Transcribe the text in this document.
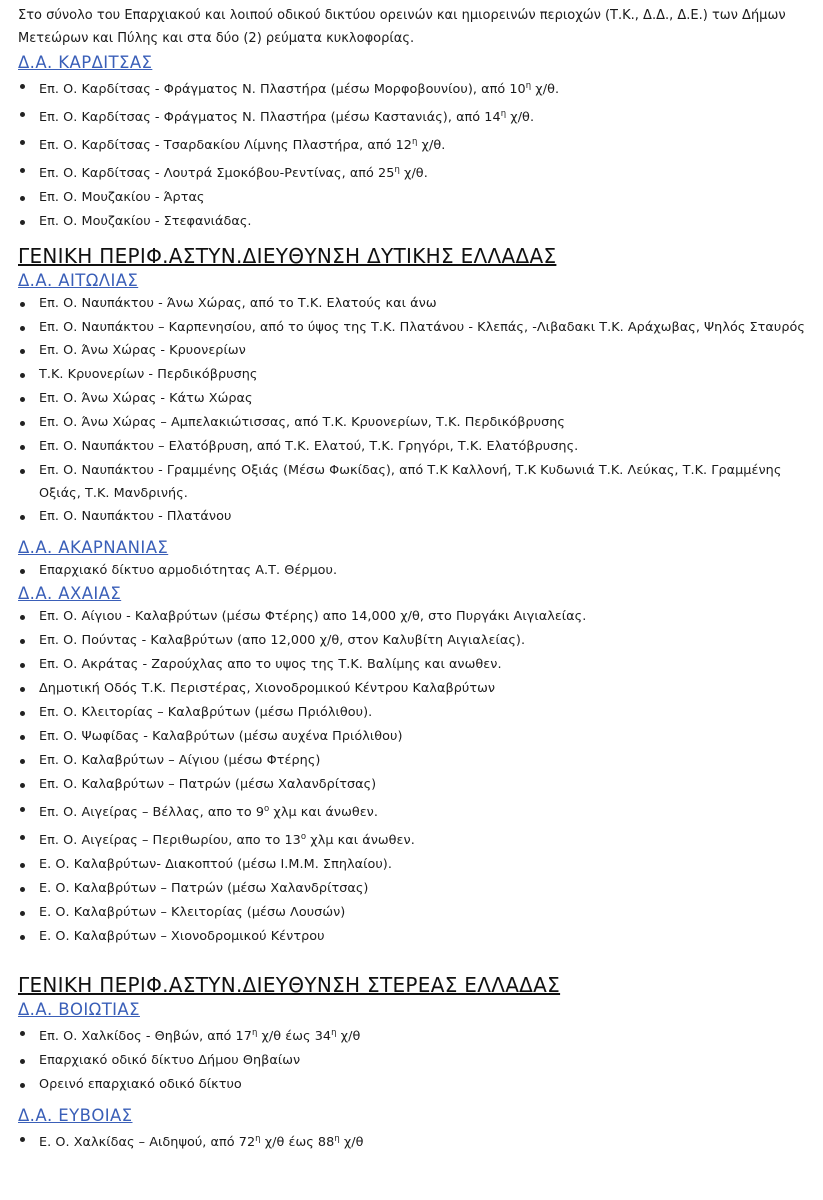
Στο σύνολο του Επαρχιακού και λοιπού οδικού δικτύου ορεινών και ημιορεινών περιοχών (Τ.Κ., Δ.Δ., Δ.Ε.) των Δήμων Μετεώρων και Πύλης και στα δύο (2) ρεύματα κυκλοφορίας.

Δ.Α. ΚΑΡΔΙΤΣΑΣ
Επ. Ο. Καρδίτσας - Φράγματος Ν. Πλαστήρα (μέσω Μορφοβουνίου), από $10^\eta$ χ/θ.
Επ. Ο. Καρδίτσας - Φράγματος Ν. Πλαστήρα (μέσω Καστανιάς), από $14^\eta$ χ/θ.
Επ. Ο. Καρδίτσας - Τσαρδακίου Λίμνης Πλαστήρα, από $12^\eta$ χ/θ.
Επ. Ο. Καρδίτσας - Λουτρά Σμοκόβου-Ρεντίνας, από $25^\eta$ χ/θ.
Επ. Ο. Μουζακίου - Άρτας
Επ. Ο. Μουζακίου - Στεφανιάδας.
ΓΕΝΙΚΗ ΠΕΡΙΦ.ΑΣΤΥΝ.ΔΙΕΥΘΥΝΣΗ ΔΥΤΙΚΗΣ ΕΛΛΑΔΑΣ
Δ.Α. ΑΙΤΩΛΙΑΣ
Επ. Ο. Ναυπάκτου - Άνω Χώρας, από το Τ.Κ. Ελατούς και άνω
Επ. Ο. Ναυπάκτου – Καρπενησίου, από το ύψος της Τ.Κ. Πλατάνου - Κλεπάς, -Λιβαδακι Τ.Κ. Αράχωβας, Ψηλός Σταυρός
Επ. Ο. Άνω Χώρας - Κρυονερίων
Τ.Κ. Κρυονερίων - Περδικόβρυσης
Επ. Ο. Άνω Χώρας - Κάτω Χώρας
Επ. Ο. Άνω Χώρας – Αμπελακιώτισσας, από Τ.Κ. Κρυονερίων, Τ.Κ. Περδικόβρυσης
Επ. Ο. Ναυπάκτου – Ελατόβρυση, από Τ.Κ. Ελατού, Τ.Κ. Γρηγόρι, Τ.Κ. Ελατόβρυσης.
Επ. Ο. Ναυπάκτου - Γραμμένης Οξιάς (Μέσω Φωκίδας), από Τ.Κ Καλλονή, Τ.Κ Κυδωνιά Τ.Κ. Λεύκας, Τ.Κ. Γραμμένης Οξιάς, Τ.Κ. Μανδρινής.
Επ. Ο. Ναυπάκτου - Πλατάνου
Δ.Α. ΑΚΑΡΝΑΝΙΑΣ
Επαρχιακό δίκτυο αρμοδιότητας Α.Τ. Θέρμου.
Δ.Α. ΑΧΑΙΑΣ
Επ. Ο. Αίγιου - Καλαβρύτων (μέσω Φτέρης) απο 14,000 χ/θ, στο Πυργάκι Αιγιαλείας.
Επ. Ο. Πούντας - Καλαβρύτων (απο 12,000 χ/θ, στον Καλυβίτη Αιγιαλείας).
Επ. Ο. Ακράτας - Ζαρούχλας απο το υψος της Τ.Κ. Βαλίμης και ανωθεν.
Δημοτική Οδός Τ.Κ. Περιστέρας, Χιονοδρομικού Κέντρου Καλαβρύτων
Επ. Ο. Κλειτορίας – Καλαβρύτων (μέσω Πριόλιθου).
Επ. Ο. Ψωφίδας - Καλαβρύτων (μέσω αυχένα Πριόλιθου)
Επ. Ο. Καλαβρύτων – Αίγιου (μέσω Φτέρης)
Επ. Ο. Καλαβρύτων – Πατρών (μέσω Χαλανδρίτσας)
Επ. Ο. Αιγείρας – Βέλλας, απο το $9^o$ χλμ και άνωθεν.
Επ. Ο. Αιγείρας – Περιθωρίου, απο το $13^o$ χλμ και άνωθεν.
Ε. Ο. Καλαβρύτων- Διακοπτού (μέσω Ι.Μ.Μ. Σπηλαίου).
Ε. Ο. Καλαβρύτων – Πατρών (μέσω Χαλανδρίτσας)
Ε. Ο. Καλαβρύτων – Κλειτορίας (μέσω Λουσών)
Ε. Ο. Καλαβρύτων – Χιονοδρομικού Κέντρου
ΓΕΝΙΚΗ ΠΕΡΙΦ.ΑΣΤΥΝ.ΔΙΕΥΘΥΝΣΗ ΣΤΕΡΕΑΣ ΕΛΛΑΔΑΣ
Δ.Α. ΒΟΙΩΤΙΑΣ
Επ. Ο. Χαλκίδος - Θηβών, από $17^\eta$ χ/θ έως $34^\eta$ χ/θ
Επαρχιακό οδικό δίκτυο Δήμου Θηβαίων
Ορεινό επαρχιακό οδικό δίκτυο
Δ.Α. ΕΥΒΟΙΑΣ
Ε. Ο. Χαλκίδας – Αιδηψού, από $72^\eta$ χ/θ έως $88^\eta$ χ/θ
